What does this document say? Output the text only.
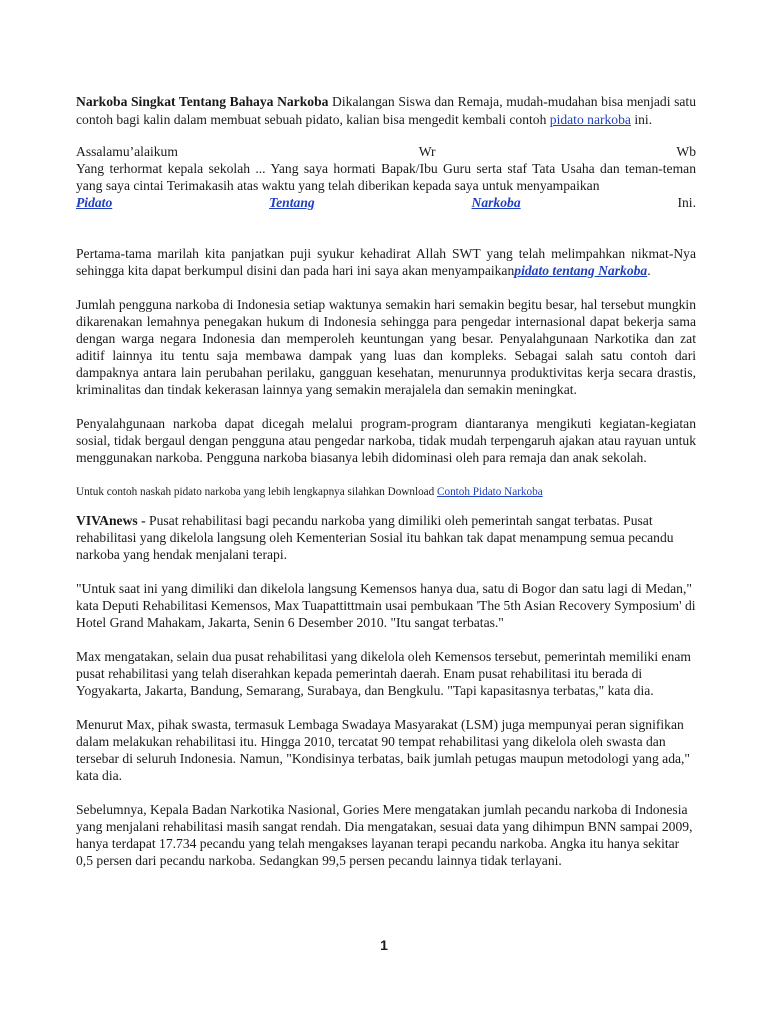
Narkoba Singkat Tentang Bahaya Narkoba Dikalangan Siswa dan Remaja, mudah-mudahan bisa menjadi satu contoh bagi kalin dalam membuat sebuah pidato, kalian bisa mengedit kembali contoh pidato narkoba ini.

Assalamu’alaikum	Wr	Wb

Yang terhormat kepala sekolah ... Yang saya hormati Bapak/Ibu Guru serta staf Tata Usaha dan teman-teman yang saya cintai Terimakasih atas waktu yang telah diberikan kepada saya untuk menyampaikan

Pidato	Tentang	Narkoba	Ini.

Pertama-tama marilah kita panjatkan puji syukur kehadirat Allah SWT yang telah melimpahkan nikmat-Nya sehingga kita dapat berkumpul disini dan pada hari ini saya akan menyampaikanpidato tentang Narkoba.

Jumlah pengguna narkoba di Indonesia setiap waktunya semakin hari semakin begitu besar, hal tersebut mungkin dikarenakan lemahnya penegakan hukum di Indonesia sehingga para pengedar internasional dapat bekerja sama dengan warga negara Indonesia dan memperoleh keuntungan yang besar. Penyalahgunaan Narkotika dan zat aditif lainnya itu tentu saja membawa dampak yang luas dan kompleks. Sebagai salah satu contoh dari dampaknya antara lain perubahan perilaku, gangguan kesehatan, menurunnya produktivitas kerja secara drastis, kriminalitas dan tindak kekerasan lainnya yang semakin merajalela dan semakin meningkat.

Penyalahgunaan narkoba dapat dicegah melalui program-program diantaranya mengikuti kegiatan-kegiatan sosial, tidak bergaul dengan pengguna atau pengedar narkoba, tidak mudah terpengaruh ajakan atau rayuan untuk menggunakan narkoba. Pengguna narkoba biasanya lebih didominasi oleh para remaja dan anak sekolah.

Untuk contoh naskah pidato narkoba yang lebih lengkapnya silahkan Download Contoh Pidato Narkoba

VIVAnews - Pusat rehabilitasi bagi pecandu narkoba yang dimiliki oleh pemerintah sangat terbatas. Pusat rehabilitasi yang dikelola langsung oleh Kementerian Sosial itu bahkan tak dapat menampung semua pecandu narkoba yang hendak menjalani terapi.

"Untuk saat ini yang dimiliki dan dikelola langsung Kemensos hanya dua, satu di Bogor dan satu lagi di Medan," kata Deputi Rehabilitasi Kemensos, Max Tuapattittmain usai pembukaan 'The 5th Asian Recovery Symposium' di Hotel Grand Mahakam, Jakarta, Senin 6 Desember 2010. "Itu sangat terbatas."

Max mengatakan, selain dua pusat rehabilitasi yang dikelola oleh Kemensos tersebut, pemerintah memiliki enam pusat rehabilitasi yang telah diserahkan kepada pemerintah daerah. Enam pusat rehabilitasi itu berada di Yogyakarta, Jakarta, Bandung, Semarang, Surabaya, dan Bengkulu. "Tapi kapasitasnya terbatas," kata dia.

Menurut Max, pihak swasta, termasuk Lembaga Swadaya Masyarakat (LSM) juga mempunyai peran signifikan dalam melakukan rehabilitasi itu. Hingga 2010, tercatat 90 tempat rehabilitasi yang dikelola oleh swasta dan tersebar di seluruh Indonesia. Namun, "Kondisinya terbatas, baik jumlah petugas maupun metodologi yang ada," kata dia.

Sebelumnya, Kepala Badan Narkotika Nasional, Gories Mere mengatakan jumlah pecandu narkoba di Indonesia yang menjalani rehabilitasi masih sangat rendah. Dia mengatakan, sesuai data yang dihimpun BNN sampai 2009, hanya terdapat 17.734 pecandu yang telah mengakses layanan terapi pecandu narkoba. Angka itu hanya sekitar 0,5 persen dari pecandu narkoba. Sedangkan 99,5 persen pecandu lainnya tidak terlayani.

1
